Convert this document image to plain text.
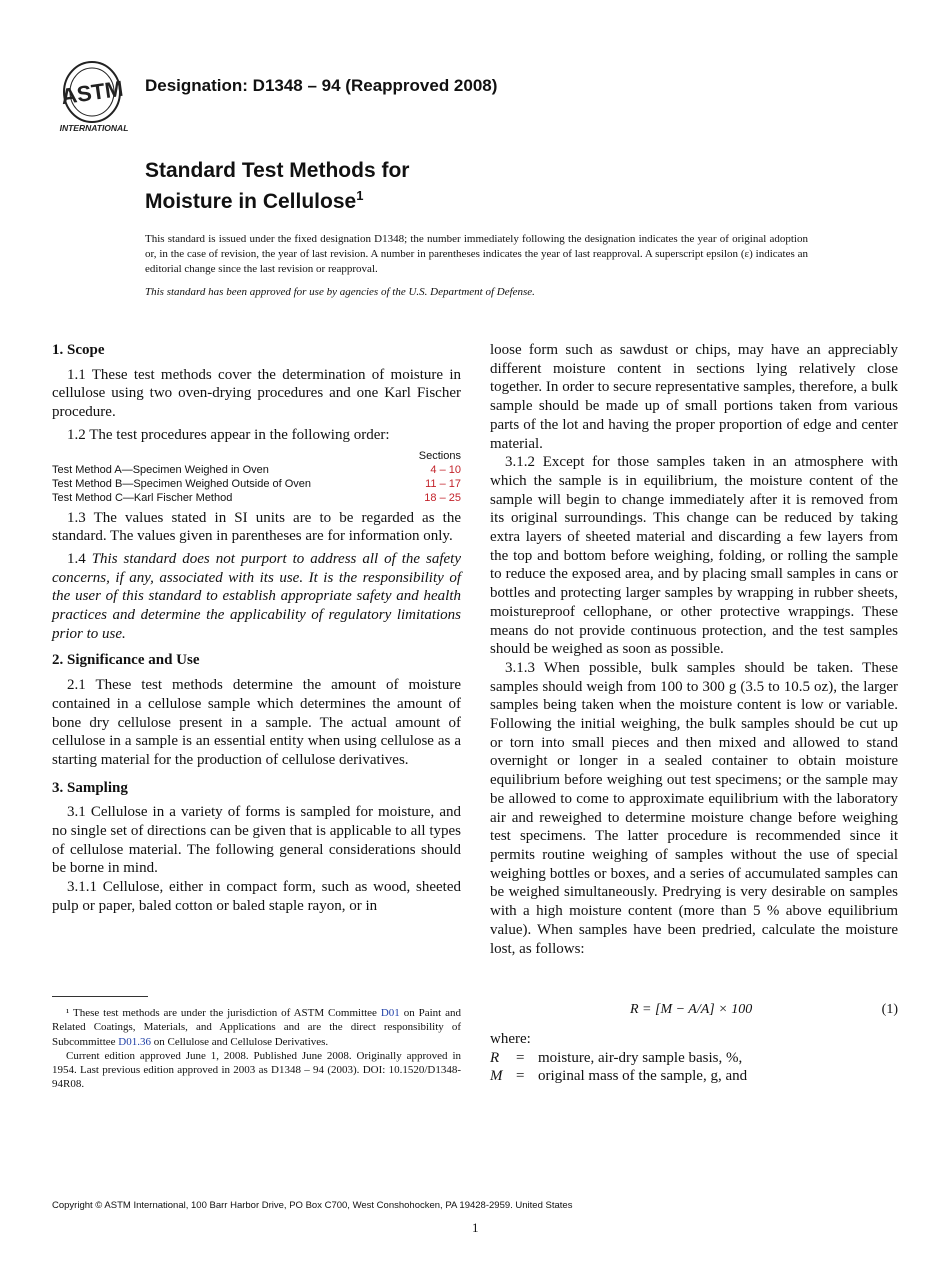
ASTM
INTERNATIONAL
Designation: D1348 – 94 (Reapproved 2008)
Standard Test Methods for
Moisture in Cellulose$^1$
This standard is issued under the fixed designation D1348; the number immediately following the designation indicates the year of original adoption or, in the case of revision, the year of last revision. A number in parentheses indicates the year of last reapproval. A superscript epsilon (ε) indicates an editorial change since the last revision or reapproval.
This standard has been approved for use by agencies of the U.S. Department of Defense.
1. Scope

1.1 These test methods cover the determination of moisture in cellulose using two oven-drying procedures and one Karl Fischer procedure.

1.2 The test procedures appear in the following order:

Sections
Test Method A—Specimen Weighed in Oven	4 – 10
Test Method B—Specimen Weighed Outside of Oven	11 – 17
Test Method C—Karl Fischer Method	18 – 25

1.3 The values stated in SI units are to be regarded as the standard. The values given in parentheses are for information only.

1.4 This standard does not purport to address all of the safety concerns, if any, associated with its use. It is the responsibility of the user of this standard to establish appropriate safety and health practices and determine the applicability of regulatory limitations prior to use.

2. Significance and Use

2.1 These test methods determine the amount of moisture contained in a cellulose sample which determines the amount of bone dry cellulose present in a sample. The actual amount of cellulose in a sample is an essential entity when using cellulose as a starting material for the production of cellulose derivatives.

3. Sampling

3.1 Cellulose in a variety of forms is sampled for moisture, and no single set of directions can be given that is applicable to all types of cellulose material. The following general considerations should be borne in mind.

3.1.1 Cellulose, either in compact form, such as wood, sheeted pulp or paper, baled cotton or baled staple rayon, or in

¹ These test methods are under the jurisdiction of ASTM Committee D01 on Paint and Related Coatings, Materials, and Applications and are the direct responsibility of Subcommittee D01.36 on Cellulose and Cellulose Derivatives.

Current edition approved June 1, 2008. Published June 2008. Originally approved in 1954. Last previous edition approved in 2003 as D1348 – 94 (2003). DOI: 10.1520/D1348-94R08.

loose form such as sawdust or chips, may have an appreciably different moisture content in sections lying relatively close together. In order to secure representative samples, therefore, a bulk sample should be made up of small portions taken from various parts of the lot and having the proper proportion of edge and center material.

3.1.2 Except for those samples taken in an atmosphere with which the sample is in equilibrium, the moisture content of the sample will begin to change immediately after it is removed from its original surroundings. This change can be reduced by taking extra layers of sheeted material and discarding a few layers from the top and bottom before weighing, folding, or rolling the sample to reduce the exposed area, and by placing small samples in cans or bottles and protecting larger samples by wrapping in rubber sheets, moistureproof cellophane, or other protective wrappings. These means do not provide continuous protection, and the test samples should be weighed as soon as possible.

3.1.3 When possible, bulk samples should be taken. These samples should weigh from 100 to 300 g (3.5 to 10.5 oz), the larger samples being taken when the moisture content is low or variable. Following the initial weighing, the bulk samples should be cut up or torn into small pieces and then mixed and allowed to stand overnight or longer in a sealed container to obtain moisture equilibrium before weighing out test specimens; or the sample may be allowed to come to approximate equilibrium with the laboratory air and reweighed to determine moisture change before weighing test specimens. The latter procedure is recommended since it permits routine weighing of samples without the use of special weighing bottles or boxes, and a series of accumulated samples can be weighed simultaneously. Predrying is very desirable on samples with a high moisture content (more than 5 % above equilibrium value). When samples have been predried, calculate the moisture lost, as follows:

R = [M − A/A] × 100	(1)
where:
R = moisture, air-dry sample basis, %,
M = original mass of the sample, g, and
Copyright © ASTM International, 100 Barr Harbor Drive, PO Box C700, West Conshohocken, PA 19428-2959. United States
1
